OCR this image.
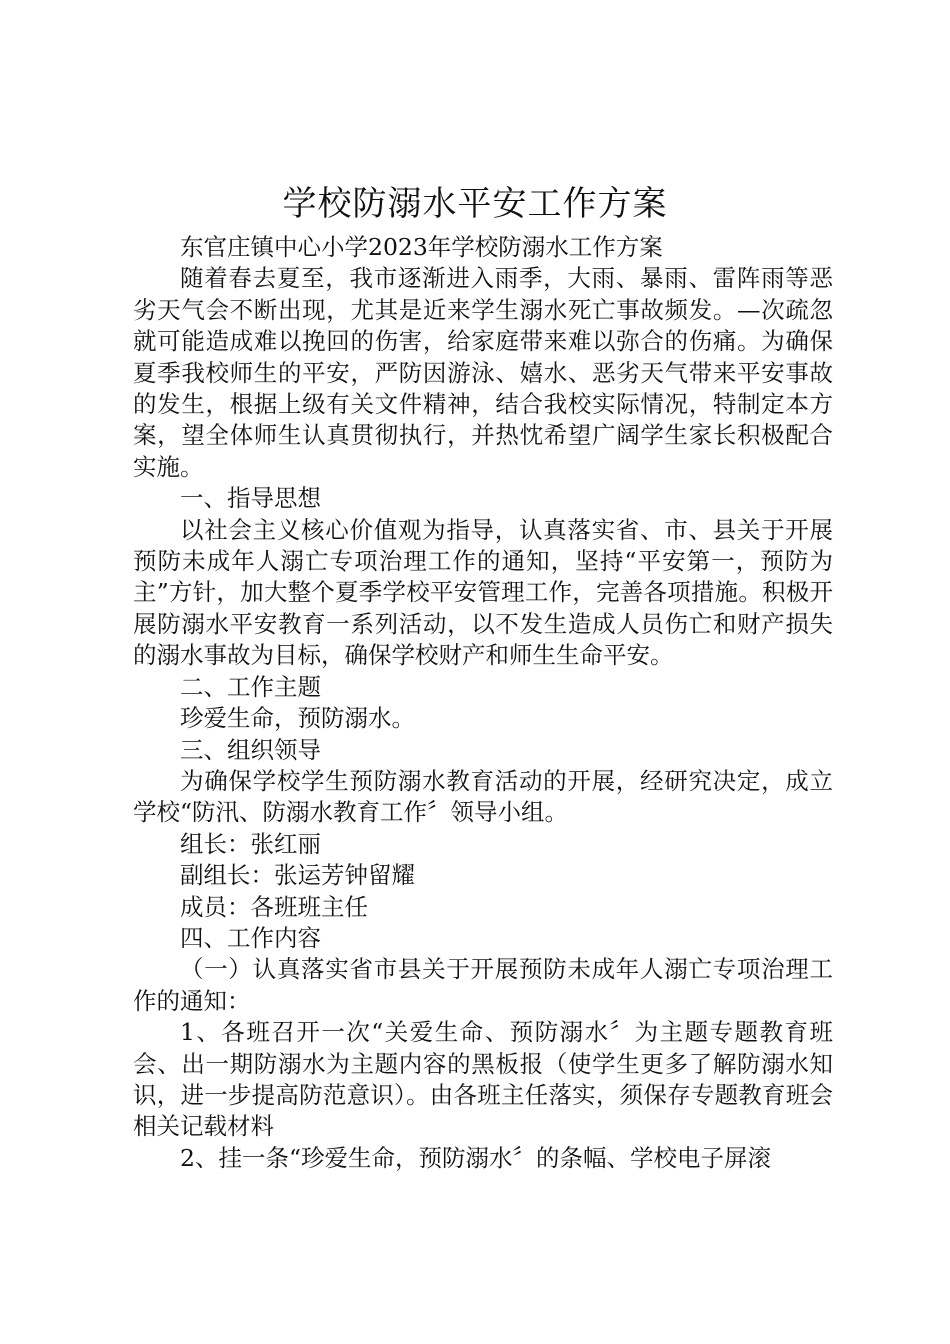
学校防溺水平安工作方案

东官庄镇中心小学2023年学校防溺水工作方案

随着春去夏至，我市逐渐进入雨季，大雨、暴雨、雷阵雨等恶劣天气会不断出现，尤其是近来学生溺水死亡事故频发。—次疏忽就可能造成难以挽回的伤害，给家庭带来难以弥合的伤痛。为确保夏季我校师生的平安，严防因游泳、嬉水、恶劣天气带来平安事故的发生，根据上级有关文件精神，结合我校实际情况，特制定本方案，望全体师生认真贯彻执行，并热忱希望广阔学生家长积极配合实施。

一、指导思想

以社会主义核心价值观为指导，认真落实省、市、县关于开展预防未成年人溺亡专项治理工作的通知，坚持“平安第一，预防为主”方针，加大整个夏季学校平安管理工作，完善各项措施。积极开展防溺水平安教育一系列活动，以不发生造成人员伤亡和财产损失的溺水事故为目标，确保学校财产和师生生命平安。

二、工作主题

珍爱生命，预防溺水。

三、组织领导

为确保学校学生预防溺水教育活动的开展，经研究决定，成立学校“防汛、防溺水教育工作〞领导小组。

组长：张红丽

副组长：张运芳钟留耀

成员：各班班主任

四、工作内容

（一）认真落实省市县关于开展预防未成年人溺亡专项治理工作的通知：

1、各班召开一次“关爱生命、预防溺水〞为主题专题教育班会、出一期防溺水为主题内容的黑板报（使学生更多了解防溺水知识，进一步提高防范意识）。由各班主任落实，须保存专题教育班会相关记载材料

2、挂一条“珍爱生命，预防溺水〞的条幅、学校电子屏滚
